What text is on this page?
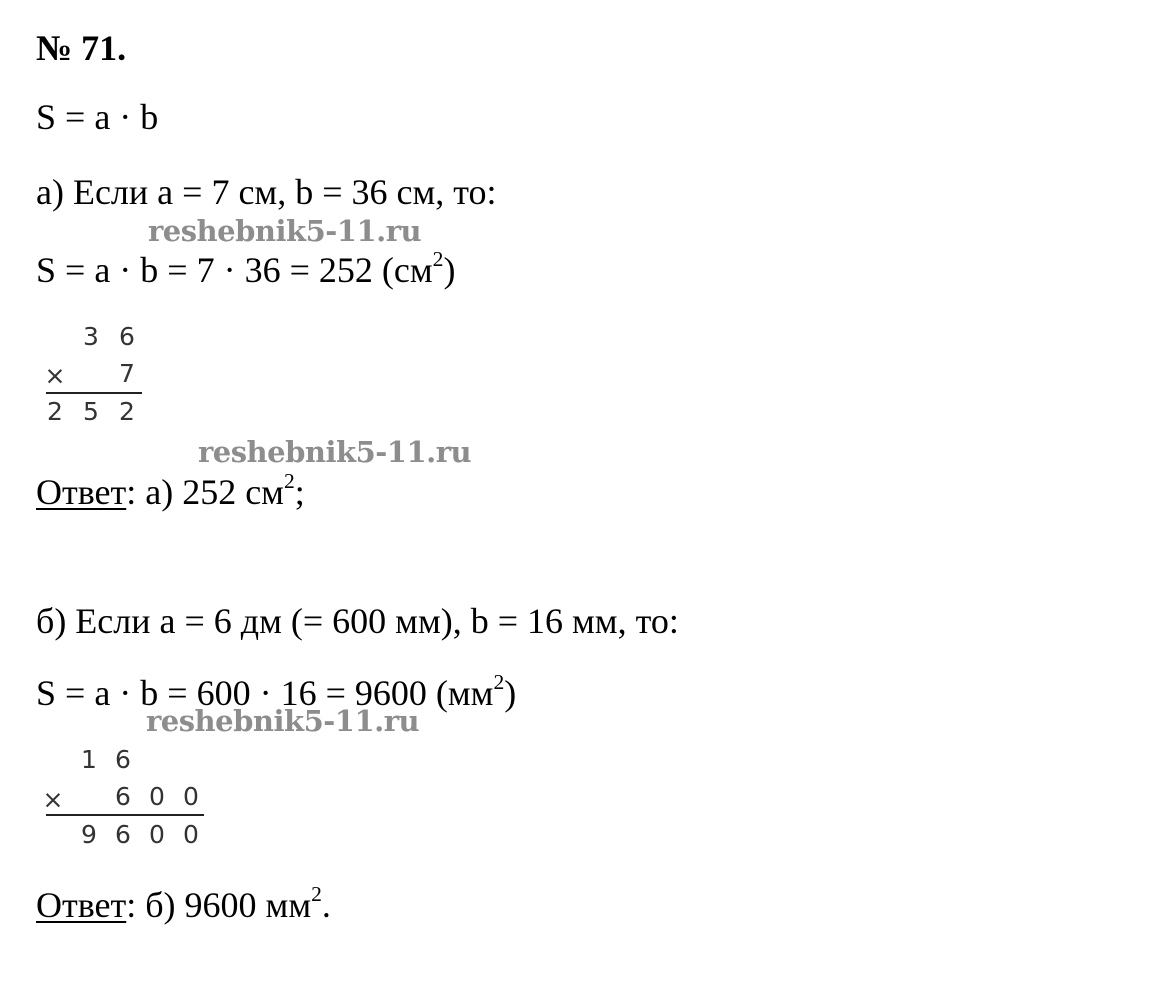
№ 71.
S = a · b
а) Если a = 7 см, b = 36 см, то:
reshebnik5-11.ru
S = a · b = 7 · 36 = 252 $(см^2)$
3 6
× 7
2 5 2
reshebnik5-11.ru
Ответ: а) 252 $см^2$;
б) Если a = 6 дм (= 600 мм), b = 16 мм, то:
S = a · b = 600 · 16 = 9600 $(мм^2)$
reshebnik5-11.ru
1 6
× 6 0 0
9 6 0 0
Ответ: б) 9600 $мм^2$.
